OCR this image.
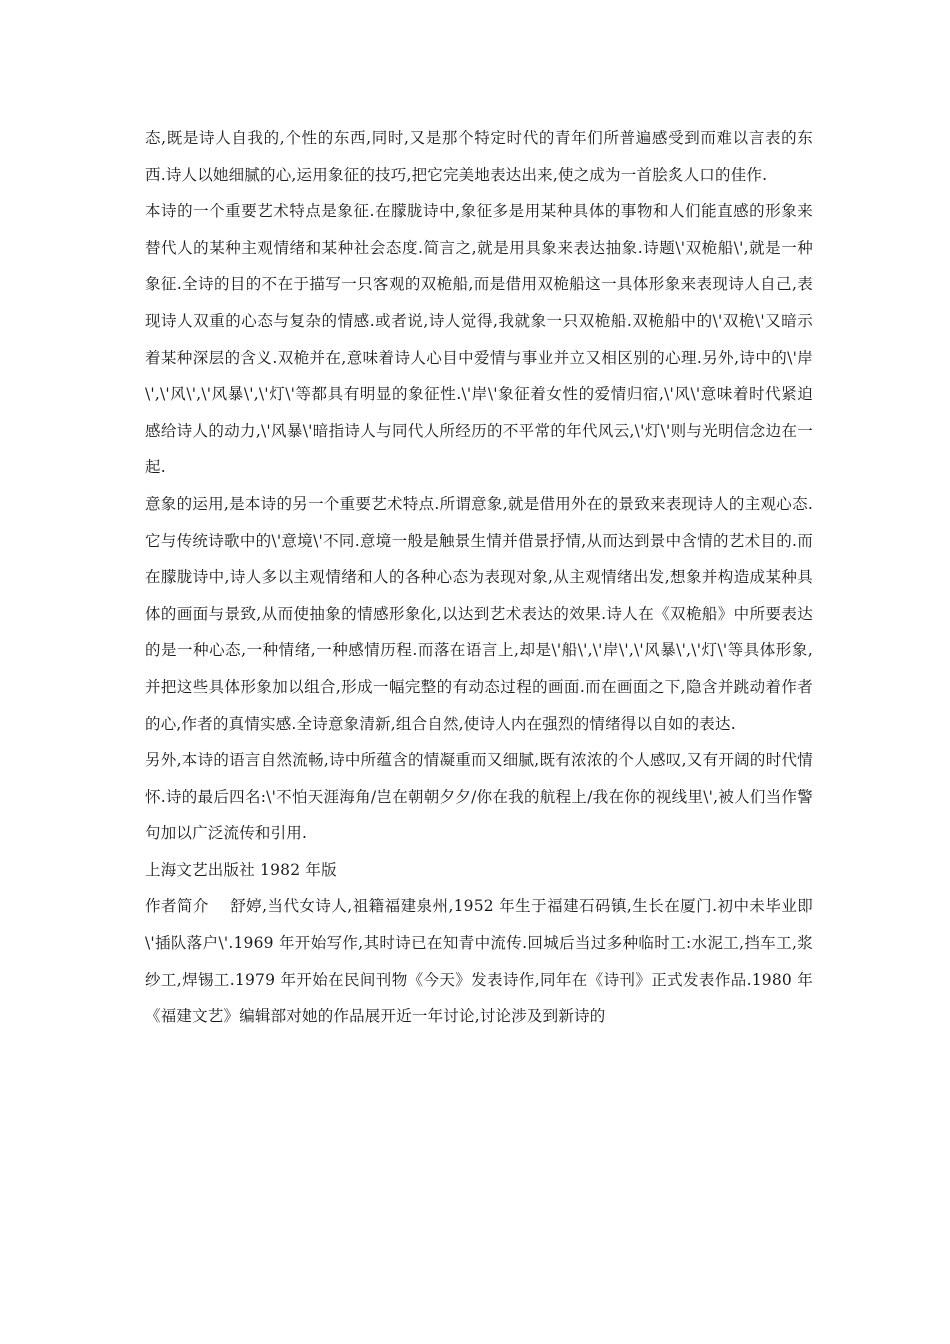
态,既是诗人自我的,个性的东西,同时,又是那个特定时代的青年们所普遍感受到而难以言表的东西.诗人以她细腻的心,运用象征的技巧,把它完美地表达出来,使之成为一首脍炙人口的佳作.

本诗的一个重要艺术特点是象征.在朦胧诗中,象征多是用某种具体的事物和人们能直感的形象来替代人的某种主观情绪和某种社会态度.简言之,就是用具象来表达抽象.诗题\'双桅船\',就是一种象征.全诗的目的不在于描写一只客观的双桅船,而是借用双桅船这一具体形象来表现诗人自己,表现诗人双重的心态与复杂的情感.或者说,诗人觉得,我就象一只双桅船.双桅船中的\'双桅\'又暗示着某种深层的含义.双桅并在,意味着诗人心目中爱情与事业并立又相区别的心理.另外,诗中的\'岸\',\'风\',\'风暴\',\'灯\'等都具有明显的象征性.\'岸\'象征着女性的爱情归宿,\'风\'意味着时代紧迫感给诗人的动力,\'风暴\'暗指诗人与同代人所经历的不平常的年代风云,\'灯\'则与光明信念边在一起.

意象的运用,是本诗的另一个重要艺术特点.所谓意象,就是借用外在的景致来表现诗人的主观心态.它与传统诗歌中的\'意境\'不同.意境一般是触景生情并借景抒情,从而达到景中含情的艺术目的.而在朦胧诗中,诗人多以主观情绪和人的各种心态为表现对象,从主观情绪出发,想象并构造成某种具体的画面与景致,从而使抽象的情感形象化,以达到艺术表达的效果.诗人在《双桅船》中所要表达的是一种心态,一种情绪,一种感情历程.而落在语言上,却是\'船\',\'岸\',\'风暴\',\'灯\'等具体形象,并把这些具体形象加以组合,形成一幅完整的有动态过程的画面.而在画面之下,隐含并跳动着作者的心,作者的真情实感.全诗意象清新,组合自然,使诗人内在强烈的情绪得以自如的表达.

另外,本诗的语言自然流畅,诗中所蕴含的情凝重而又细腻,既有浓浓的个人感叹,又有开阔的时代情怀.诗的最后四名:\'不怕天涯海角/岂在朝朝夕夕/你在我的航程上/我在你的视线里\',被人们当作警句加以广泛流传和引用.

上海文艺出版社 1982 年版

作者简介　 舒婷,当代女诗人,祖籍福建泉州,1952 年生于福建石码镇,生长在厦门.初中未毕业即\'插队落户\'.1969 年开始写作,其时诗已在知青中流传.回城后当过多种临时工:水泥工,挡车工,浆纱工,焊锡工.1979 年开始在民间刊物《今天》发表诗作,同年在《诗刊》正式发表作品.1980 年《福建文艺》编辑部对她的作品展开近一年讨论,讨论涉及到新诗的
